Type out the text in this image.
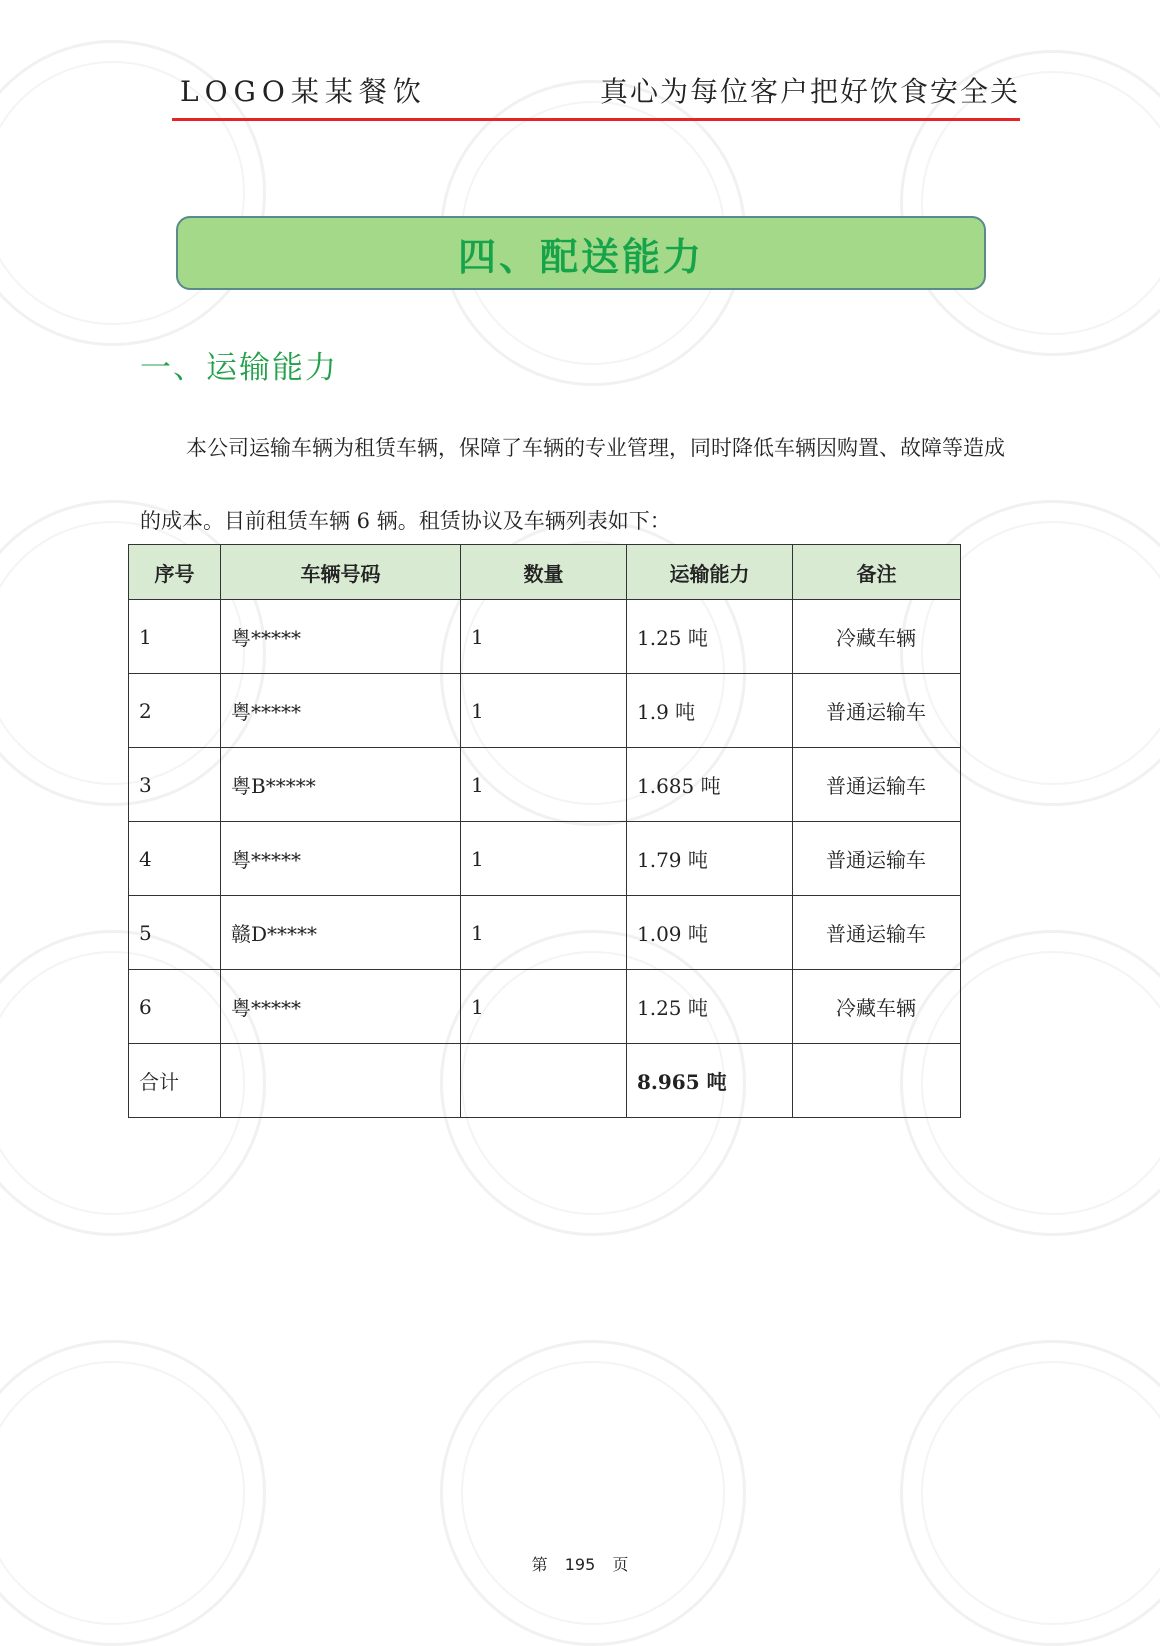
LOGO某某餐饮	真心为每位客户把好饮食安全关
四、配送能力
一、运输能力

本公司运输车辆为租赁车辆，保障了车辆的专业管理，同时降低车辆因购置、故障等造成的成本。目前租赁车辆 6 辆。租赁协议及车辆列表如下：

序号	车辆号码	数量	运输能力	备注
1	粤*****	1	1.25 吨	冷藏车辆
2	粤*****	1	1.9 吨	普通运输车
3	粤B*****	1	1.685 吨	普通运输车
4	粤*****	1	1.79 吨	普通运输车
5	赣D*****	1	1.09 吨	普通运输车
6	粤*****	1	1.25 吨	冷藏车辆
合计			8.965 吨	
第 195 页
